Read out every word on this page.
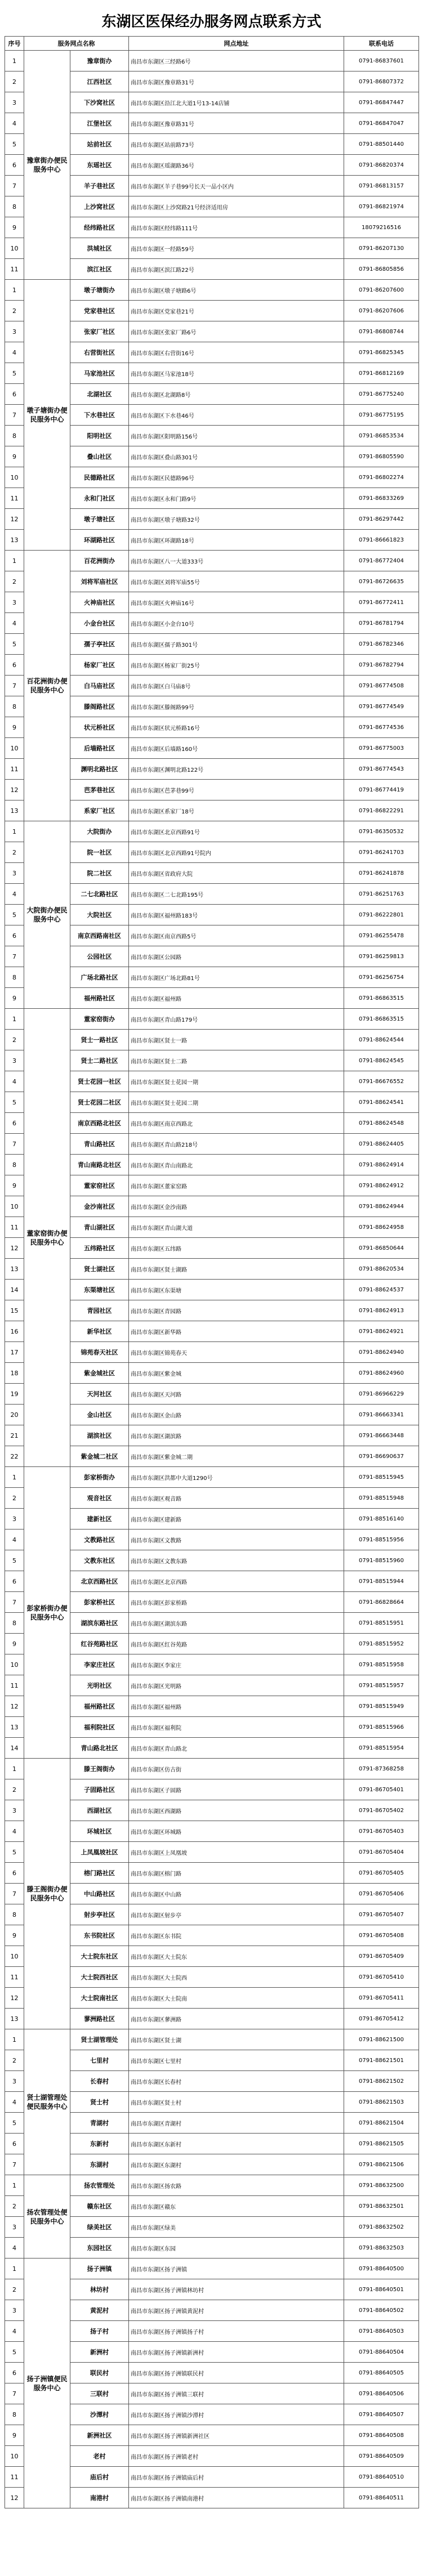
东湖区医保经办服务网点联系方式
序号	服务网点名称		网点地址	联系电话
1	豫章街办便民服务中心	豫章街办	南昌市东湖区三经路6号	0791-86837601
2		江西社区	南昌市东湖区豫章路31号	0791-86807372
3		下沙窝社区	南昌市东湖区沿江北大道1号13-14店铺	0791-86847447
4		江堡社区	南昌市东湖区豫章路31号	0791-86847047
5		站前社区	南昌市东湖区站前路73号	0791-88501440
6		东瑶社区	南昌市东湖区瑶湖路36号	0791-86820374
7		羊子巷社区	南昌市东湖区羊子巷99号长天一品小区内	0791-86813157
8		上沙窝社区	南昌市东湖区上沙窝路21号经济适用房	0791-86821974
9		经纬路社区	南昌市东湖区经纬路111号	18079216516
10		洪城社区	南昌市东湖区一经路59号	0791-86207130
11		滨江社区	南昌市东湖区滨江路22号	0791-86805856
1	墩子塘街办便民服务中心	墩子塘街办	南昌市东湖区墩子塘路6号	0791-86207600
2		党家巷社区	南昌市东湖区党家巷21号	0791-86207606
3		张家厂社区	南昌市东湖区张家厂路6号	0791-86808744
4		右营街社区	南昌市东湖区右营街16号	0791-86825345
5		马家池社区	南昌市东湖区马家池18号	0791-86812169
6		北湖社区	南昌市东湖区北湖路8号	0791-86775240
7		下水巷社区	南昌市东湖区下水巷46号	0791-86775195
8		阳明社区	南昌市东湖区阳明路156号	0791-86853534
9		叠山社区	南昌市东湖区叠山路301号	0791-86805590
10		民德路社区	南昌市东湖区民德路96号	0791-86802274
11		永和门社区	南昌市东湖区永和门路9号	0791-86833269
12		墩子塘社区	南昌市东湖区墩子塘路32号	0791-86297442
13		环湖路社区	南昌市东湖区环湖路18号	0791-86661823
1	百花洲街办便民服务中心	百花洲街办	南昌市东湖区八一大道333号	0791-86772404
2		刘将军庙社区	南昌市东湖区刘将军庙55号	0791-86726635
3		火神庙社区	南昌市东湖区火神庙16号	0791-86772411
4		小金台社区	南昌市东湖区小金台10号	0791-86781794
5		孺子亭社区	南昌市东湖区孺子路301号	0791-86782346
6		杨家厂社区	南昌市东湖区杨家厂街25号	0791-86782794
7		白马庙社区	南昌市东湖区白马庙8号	0791-86774508
8		滕阁路社区	南昌市东湖区滕阁路99号	0791-86774549
9		状元桥社区	南昌市东湖区状元桥路16号	0791-86774536
10		后墙路社区	南昌市东湖区后墙路160号	0791-86775003
11		渊明北路社区	南昌市东湖区渊明北路122号	0791-86774543
12		芭茅巷社区	南昌市东湖区芭茅巷99号	0791-86774419
13		系家厂社区	南昌市东湖区系家厂18号	0791-86822291
1	大院街办便民服务中心	大院街办	南昌市东湖区北京西路91号	0791-86350532
2		院一社区	南昌市东湖区北京西路91号院内	0791-86241703
3		院二社区	南昌市东湖区省政府大院	0791-86241878
4		二七北路社区	南昌市东湖区二七北路195号	0791-86251763
5		大院社区	南昌市东湖区福州路183号	0791-86222801
6		南京西路南社区	南昌市东湖区南京西路5号	0791-86255478
7		公园社区	南昌市东湖区公园路	0791-86259813
8		广场北路社区	南昌市东湖区广场北路81号	0791-86256754
9		福州路社区	南昌市东湖区福州路	0791-86863515
1	董家窑街办便民服务中心	董家窑街办	南昌市东湖区青山路179号	0791-86863515
2		贤士一路社区	南昌市东湖区贤士一路	0791-88624544
3		贤士二路社区	南昌市东湖区贤士二路	0791-88624545
4		贤士花园一社区	南昌市东湖区贤士花园一期	0791-86676552
5		贤士花园二社区	南昌市东湖区贤士花园二期	0791-88624541
6		南京西路北社区	南昌市东湖区南京西路北	0791-88624548
7		青山路社区	南昌市东湖区青山路218号	0791-88624405
8		青山南路北社区	南昌市东湖区青山南路北	0791-88624914
9		董家窑社区	南昌市东湖区董家窑路	0791-88624912
10		金沙南社区	南昌市东湖区金沙南路	0791-88624944
11		青山湖社区	南昌市东湖区青山湖大道	0791-88624958
12		五纬路社区	南昌市东湖区五纬路	0791-86850644
13		贤士湖社区	南昌市东湖区贤士湖路	0791-88620534
14		东渠塘社区	南昌市东湖区东渠塘	0791-88624537
15		青园社区	南昌市东湖区青园路	0791-88624913
16		新华社区	南昌市东湖区新华路	0791-88624921
17		锦苑春天社区	南昌市东湖区锦苑春天	0791-88624940
18		紫金城社区	南昌市东湖区紫金城	0791-88624960
19		天河社区	南昌市东湖区天河路	0791-86966229
20		金山社区	南昌市东湖区金山路	0791-86663341
21		湖滨社区	南昌市东湖区湖滨路	0791-86663448
22		紫金城二社区	南昌市东湖区紫金城二期	0791-86690637
1	彭家桥街办便民服务中心	彭家桥街办	南昌市东湖区洪都中大道1290号	0791-88515945
2		观音社区	南昌市东湖区观音路	0791-88515948
3		建新社区	南昌市东湖区建新路	0791-88516140
4		文教路社区	南昌市东湖区文教路	0791-88515956
5		文教东社区	南昌市东湖区文教东路	0791-88515960
6		北京西路社区	南昌市东湖区北京西路	0791-88515944
7		彭家桥社区	南昌市东湖区彭家桥路	0791-86828664
8		湖滨东路社区	南昌市东湖区湖滨东路	0791-88515951
9		红谷苑路社区	南昌市东湖区红谷苑路	0791-88515952
10		李家庄社区	南昌市东湖区李家庄	0791-88515958
11		光明社区	南昌市东湖区光明路	0791-88515957
12		福州路社区	南昌市东湖区福州路	0791-88515949
13		福利院社区	南昌市东湖区福利院	0791-88515966
14		青山路北社区	南昌市东湖区青山路北	0791-88515954
1	滕王阁街办便民服务中心	滕王阁街办	南昌市东湖区仿古街	0791-87368258
2		子固路社区	南昌市东湖区子固路	0791-86705401
3		西湖社区	南昌市东湖区西湖路	0791-86705402
4		环城社区	南昌市东湖区环城路	0791-86705403
5		上凤凰坡社区	南昌市东湖区上凤凰坡	0791-86705404
6		榕门路社区	南昌市东湖区榕门路	0791-86705405
7		中山路社区	南昌市东湖区中山路	0791-86705406
8		射步亭社区	南昌市东湖区射步亭	0791-86705407
9		东书院社区	南昌市东湖区东书院	0791-86705408
10		大士院东社区	南昌市东湖区大士院东	0791-86705409
11		大士院西社区	南昌市东湖区大士院西	0791-86705410
12		大士院南社区	南昌市东湖区大士院南	0791-86705411
13		蓼洲路社区	南昌市东湖区蓼洲路	0791-86705412
1	贤士湖管理处便民服务中心	贤士湖管理处	南昌市东湖区贤士湖	0791-88621500
2		七里村	南昌市东湖区七里村	0791-88621501
3		长春村	南昌市东湖区长春村	0791-88621502
4		贤士村	南昌市东湖区贤士村	0791-88621503
5		青湖村	南昌市东湖区青湖村	0791-88621504
6		东新村	南昌市东湖区东新村	0791-88621505
7		东湖村	南昌市东湖区东湖村	0791-88621506
1	扬农管理处便民服务中心	扬农管理处	南昌市东湖区扬农路	0791-88632500
2		赣东社区	南昌市东湖区赣东	0791-88632501
3		绿美社区	南昌市东湖区绿美	0791-88632502
4		东园社区	南昌市东湖区东园	0791-88632503
1	扬子洲镇便民服务中心	扬子洲镇	南昌市东湖区扬子洲镇	0791-88640500
2		林坊村	南昌市东湖区扬子洲镇林坊村	0791-88640501
3		黄泥村	南昌市东湖区扬子洲镇黄泥村	0791-88640502
4		扬子村	南昌市东湖区扬子洲镇扬子村	0791-88640503
5		新洲村	南昌市东湖区扬子洲镇新洲村	0791-88640504
6		联民村	南昌市东湖区扬子洲镇联民村	0791-88640505
7		三联村	南昌市东湖区扬子洲镇三联村	0791-88640506
8		沙潭村	南昌市东湖区扬子洲镇沙潭村	0791-88640507
9		新洲社区	南昌市东湖区扬子洲镇新洲社区	0791-88640508
10		老村	南昌市东湖区扬子洲镇老村	0791-88640509
11		庙后村	南昌市东湖区扬子洲镇庙后村	0791-88640510
12		南港村	南昌市东湖区扬子洲镇南港村	0791-88640511
